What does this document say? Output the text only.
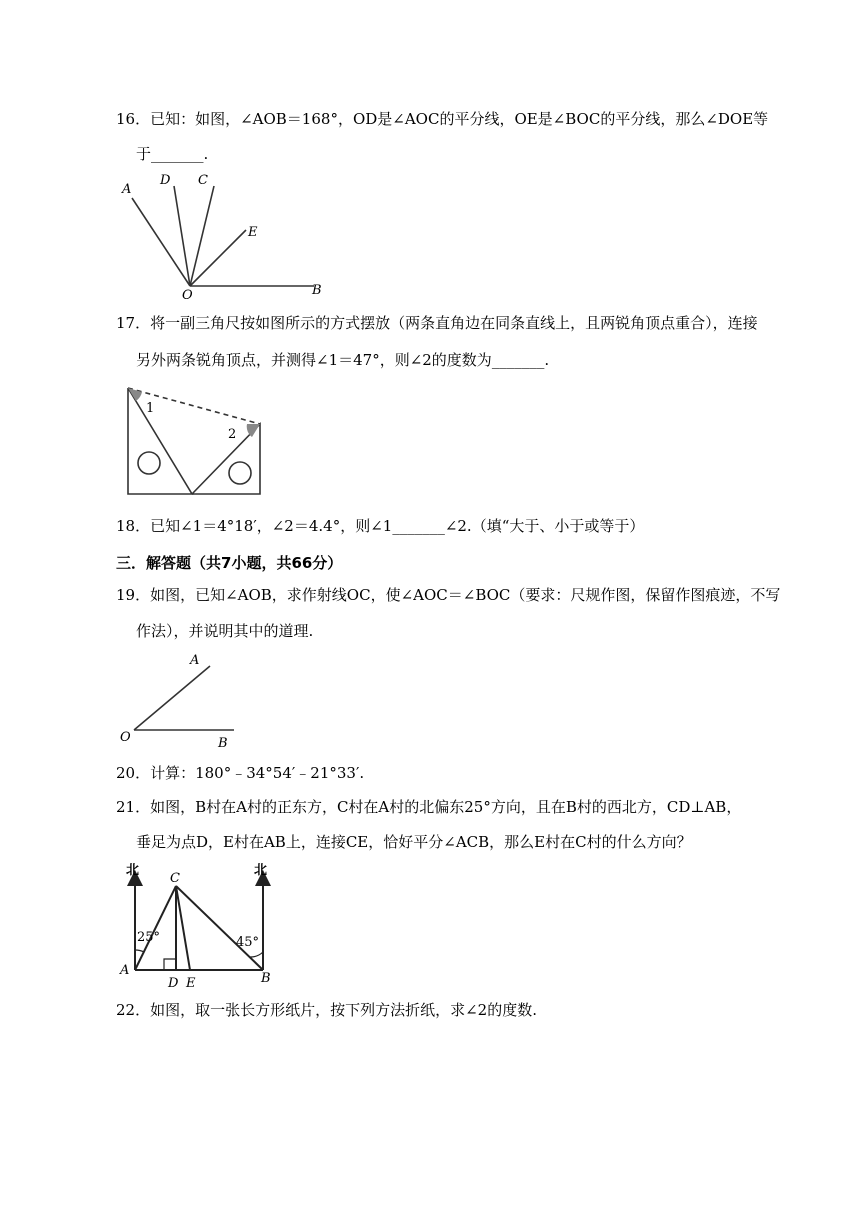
16．已知：如图，∠AOB＝168°，OD是∠AOC的平分线，OE是∠BOC的平分线，那么∠DOE等
于_______.
A
D C
E
O	B
17．将一副三角尺按如图所示的方式摆放（两条直角边在同条直线上，且两锐角顶点重合），连接
另外两条锐角顶点，并测得∠1＝47°，则∠2的度数为_______.
1
2
18．已知∠1＝4°18′，∠2＝4.4°，则∠1_______∠2.（填“大于、小于或等于）
三．解答题（共7小题，共66分）
19．如图，已知∠AOB，求作射线OC，使∠AOC＝∠BOC（要求：尺规作图，保留作图痕迹，不写
作法），并说明其中的道理.
A
O	B
20．计算：180°﹣34°54′﹣21°33′.
21．如图，B村在A村的正东方，C村在A村的北偏东25°方向，且在B村的西北方，CD⊥AB，
垂足为点D，E村在AB上，连接CE，恰好平分∠ACB，那么E村在C村的什么方向？
北	北
C
A
D E	B
25°	45°
22．如图，取一张长方形纸片，按下列方法折纸，求∠2的度数.
